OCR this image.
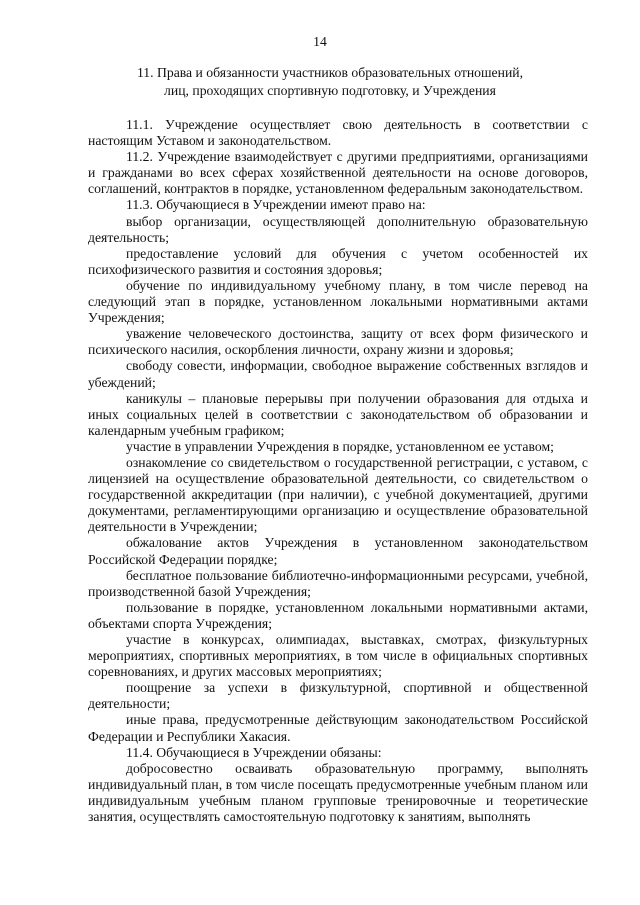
14
11. Права и обязанности участников образовательных отношений,
лиц, проходящих спортивную подготовку, и Учреждения

11.1. Учреждение осуществляет свою деятельность в соответствии с настоящим Уставом и законодательством.

11.2. Учреждение взаимодействует с другими предприятиями, организациями и гражданами во всех сферах хозяйственной деятельности на основе договоров, соглашений, контрактов в порядке, установленном федеральным законодательством.

11.3. Обучающиеся в Учреждении имеют право на:

выбор организации, осуществляющей дополнительную образовательную деятельность;

предоставление условий для обучения с учетом особенностей их психофизического развития и состояния здоровья;

обучение по индивидуальному учебному плану, в том числе перевод на следующий этап в порядке, установленном локальными нормативными актами Учреждения;

уважение человеческого достоинства, защиту от всех форм физического и психического насилия, оскорбления личности, охрану жизни и здоровья;

свободу совести, информации, свободное выражение собственных взглядов и убеждений;

каникулы – плановые перерывы при получении образования для отдыха и иных социальных целей в соответствии с законодательством об образовании и календарным учебным графиком;

участие в управлении Учреждения в порядке, установленном ее уставом;

ознакомление со свидетельством о государственной регистрации, с уставом, с лицензией на осуществление образовательной деятельности, со свидетельством о государственной аккредитации (при наличии), с учебной документацией, другими документами, регламентирующими организацию и осуществление образовательной деятельности в Учреждении;

обжалование актов Учреждения в установленном законодательством Российской Федерации порядке;

бесплатное пользование библиотечно-информационными ресурсами, учебной, производственной базой Учреждения;

пользование в порядке, установленном локальными нормативными актами, объектами спорта Учреждения;

участие в конкурсах, олимпиадах, выставках, смотрах, физкультурных мероприятиях, спортивных мероприятиях, в том числе в официальных спортивных соревнованиях, и других массовых мероприятиях;

поощрение за успехи в физкультурной, спортивной и общественной деятельности;

иные права, предусмотренные действующим законодательством Российской Федерации и Республики Хакасия.

11.4. Обучающиеся в Учреждении обязаны:

добросовестно осваивать образовательную программу, выполнять индивидуальный план, в том числе посещать предусмотренные учебным планом или индивидуальным учебным планом групповые тренировочные и теоретические занятия, осуществлять самостоятельную подготовку к занятиям, выполнять
